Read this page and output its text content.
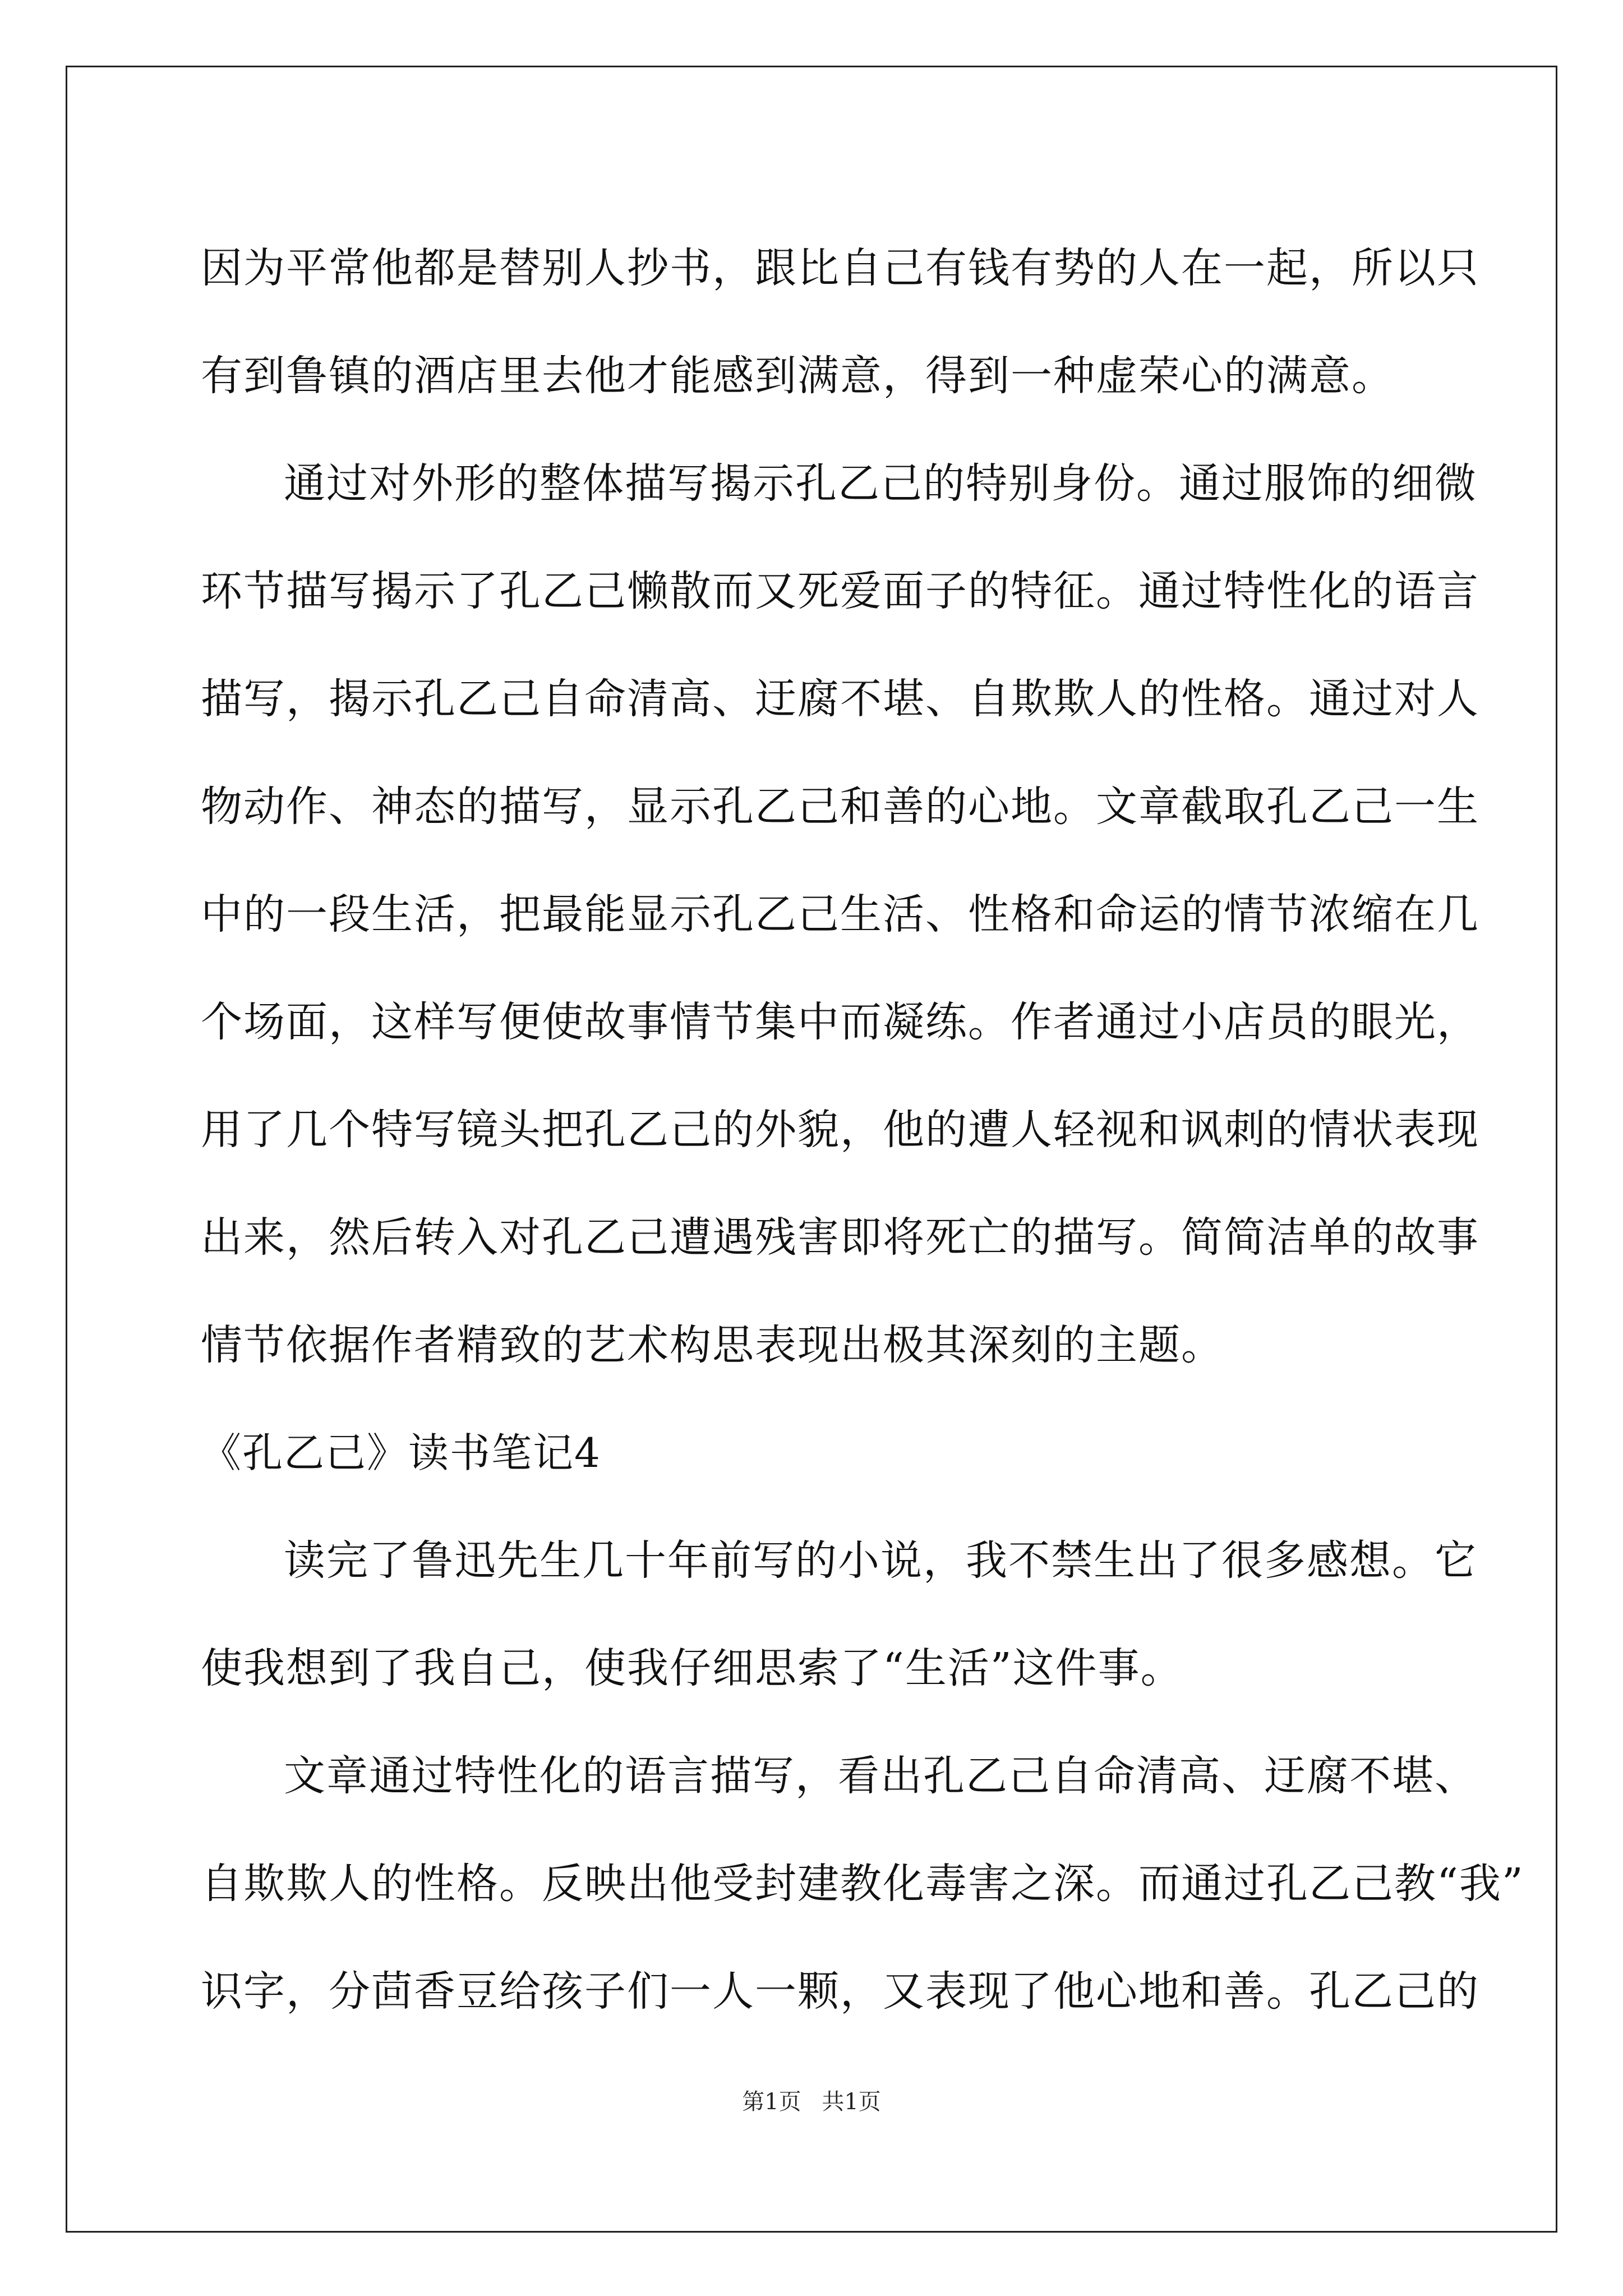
因为平常他都是替别人抄书，跟比自己有钱有势的人在一起，所以只
有到鲁镇的酒店里去他才能感到满意，得到一种虚荣心的满意。
通过对外形的整体描写揭示孔乙己的特别身份。通过服饰的细微
环节描写揭示了孔乙己懒散而又死爱面子的特征。通过特性化的语言
描写，揭示孔乙己自命清高、迂腐不堪、自欺欺人的性格。通过对人
物动作、神态的描写，显示孔乙己和善的心地。文章截取孔乙己一生
中的一段生活，把最能显示孔乙己生活、性格和命运的情节浓缩在几
个场面，这样写便使故事情节集中而凝练。作者通过小店员的眼光，
用了几个特写镜头把孔乙己的外貌，他的遭人轻视和讽刺的情状表现
出来，然后转入对孔乙己遭遇残害即将死亡的描写。简简洁单的故事
情节依据作者精致的艺术构思表现出极其深刻的主题。
《孔乙己》读书笔记4
读完了鲁迅先生几十年前写的小说，我不禁生出了很多感想。它
使我想到了我自己，使我仔细思索了“生活”这件事。
文章通过特性化的语言描写，看出孔乙己自命清高、迂腐不堪、
自欺欺人的性格。反映出他受封建教化毒害之深。而通过孔乙己教“我”
识字，分茴香豆给孩子们一人一颗，又表现了他心地和善。孔乙己的
第1页 共1页
